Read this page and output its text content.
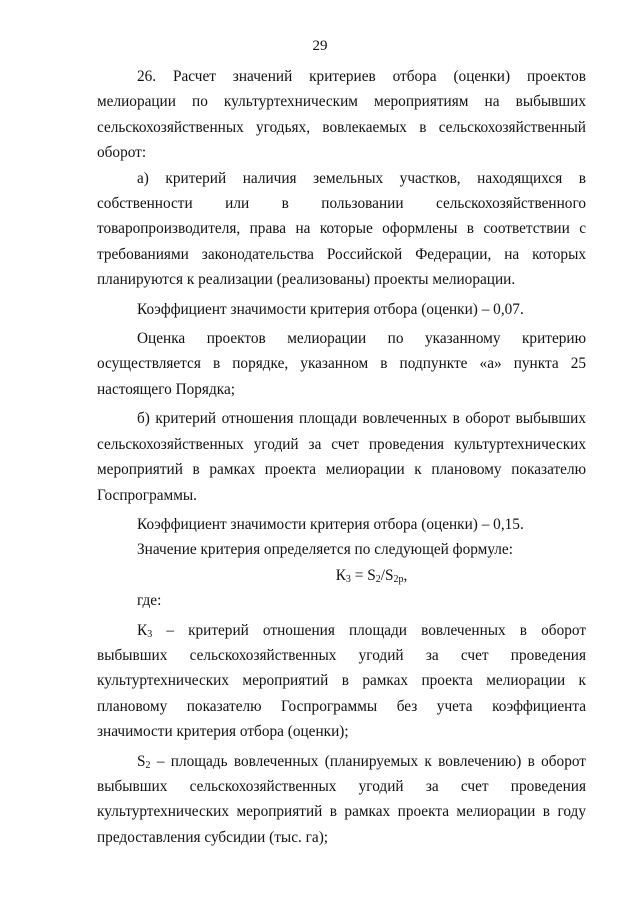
29

26. Расчет значений критериев отбора (оценки) проектов мелиорации по культуртехническим мероприятиям на выбывших сельскохозяйственных угодьях, вовлекаемых в сельскохозяйственный оборот:

а) критерий наличия земельных участков, находящихся в собственности или в пользовании сельскохозяйственного товаропроизводителя, права на которые оформлены в соответствии с требованиями законодательства Российской Федерации, на которых планируются к реализации (реализованы) проекты мелиорации.

Коэффициент значимости критерия отбора (оценки) – 0,07.

Оценка проектов мелиорации по указанному критерию осуществляется в порядке, указанном в подпункте «а» пункта 25 настоящего Порядка;

б) критерий отношения площади вовлеченных в оборот выбывших сельскохозяйственных угодий за счет проведения культуртехнических мероприятий в рамках проекта мелиорации к плановому показателю Госпрограммы.

Коэффициент значимости критерия отбора (оценки) – 0,15.

Значение критерия определяется по следующей формуле:

$К_3 = S_2/S_{2р}$,

где:

$К_3$ – критерий отношения площади вовлеченных в оборот выбывших сельскохозяйственных угодий за счет проведения культуртехнических мероприятий в рамках проекта мелиорации к плановому показателю Госпрограммы без учета коэффициента значимости критерия отбора (оценки);

$S_2$ – площадь вовлеченных (планируемых к вовлечению) в оборот выбывших сельскохозяйственных угодий за счет проведения культуртехнических мероприятий в рамках проекта мелиорации в году предоставления субсидии (тыс. га);
